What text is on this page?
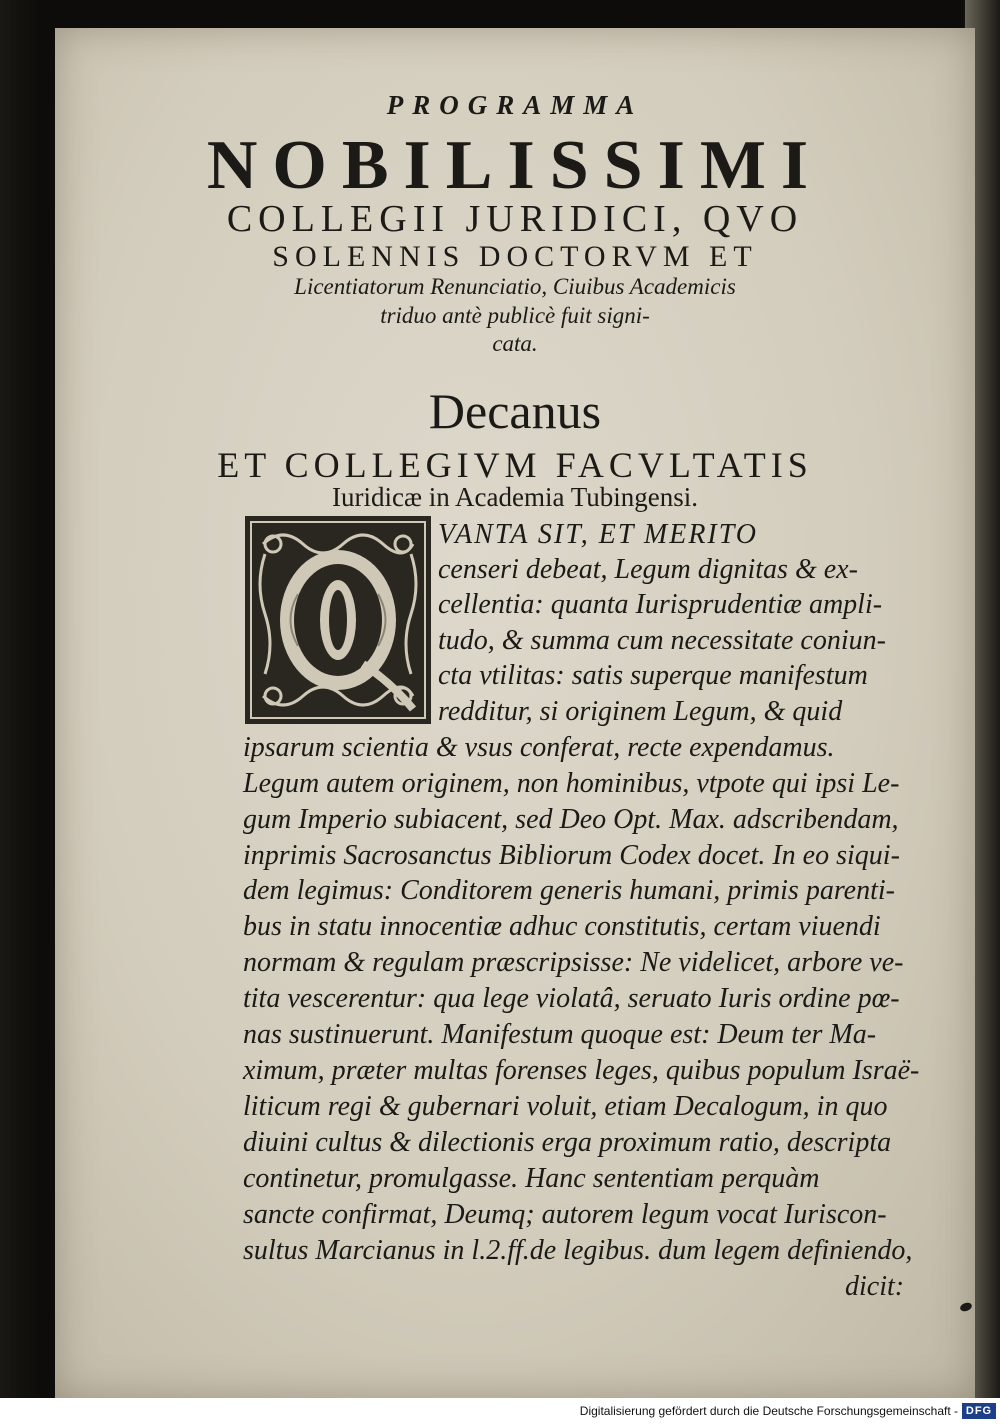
PROGRAMMA
NOBILISSIMI
COLLEGII JURIDICI, QVO
SOLENNIS DOCTORVM ET
Licentiatorum Renunciatio, Ciuibus Academicis
triduo antè publicè fuit signi-
cata.
Decanus
ET COLLEGIVM FACVLTATIS
Iuridicæ in Academia Tubingensi.
VANTA SIT, ET MERITO
censeri debeat, Legum dignitas & ex-
cellentia: quanta Iurisprudentiæ ampli-
tudo, & summa cum necessitate coniun-
cta vtilitas: satis superque manifestum
redditur, si originem Legum, & quid
ipsarum scientia & vsus conferat, recte expendamus.
Legum autem originem, non hominibus, vtpote qui ipsi Le-
gum Imperio subiacent, sed Deo Opt. Max. adscribendam,
inprimis Sacrosanctus Bibliorum Codex docet. In eo siqui-
dem legimus: Conditorem generis humani, primis parenti-
bus in statu innocentiæ adhuc constitutis, certam viuendi
normam & regulam præscripsisse: Ne videlicet, arbore ve-
tita vescerentur: qua lege violatâ, seruato Iuris ordine pœ-
nas sustinuerunt. Manifestum quoque est: Deum ter Ma-
ximum, præter multas forenses leges, quibus populum Israë-
liticum regi & gubernari voluit, etiam Decalogum, in quo
diuini cultus & dilectionis erga proximum ratio, descripta
continetur, promulgasse. Hanc sententiam perquàm
sancte confirmat, Deumq; autorem legum vocat Iuriscon-
sultus Marcianus in l.2.ff.de legibus. dum legem definiendo,
dicit:
Digitalisierung gefördert durch die Deutsche Forschungsgemeinschaft - DFG
